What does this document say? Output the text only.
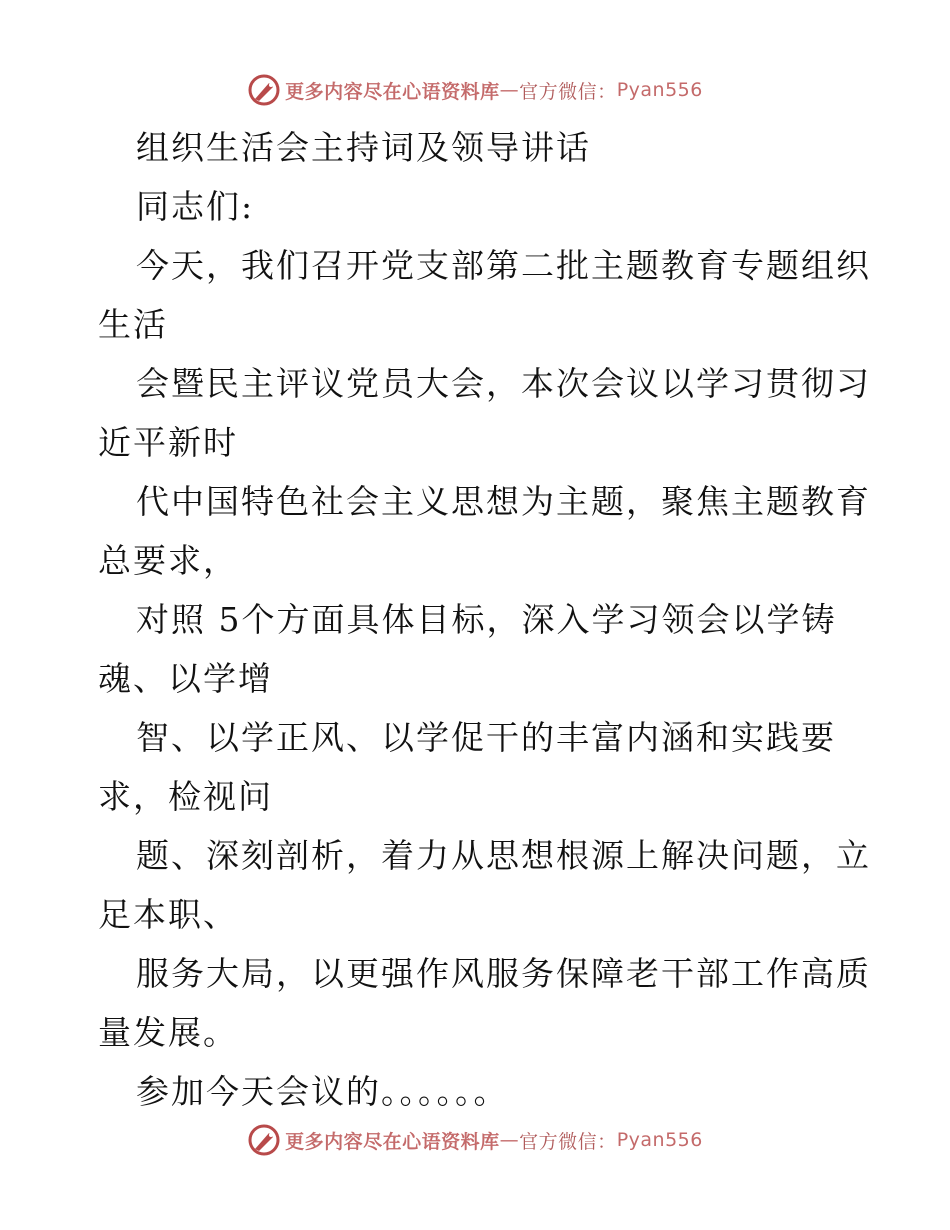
更多内容尽在心语资料库 — 官方微信： Pyan556
组织生活会主持词及领导讲话
同志们:
今天，我们召开党支部第二批主题教育专题组织
生活
会暨民主评议党员大会，本次会议以学习贯彻习
近平新时
代中国特色社会主义思想为主题，聚焦主题教育
总要求，
对照 5个方面具体目标，深入学习领会以学铸
魂、以学增
智、以学正风、以学促干的丰富内涵和实践要
求，检视问
题、深刻剖析，着力从思想根源上解决问题，立
足本职、
服务大局，以更强作风服务保障老干部工作高质
量发展。
参加今天会议的。。。。。。
更多内容尽在心语资料库 — 官方微信： Pyan556
